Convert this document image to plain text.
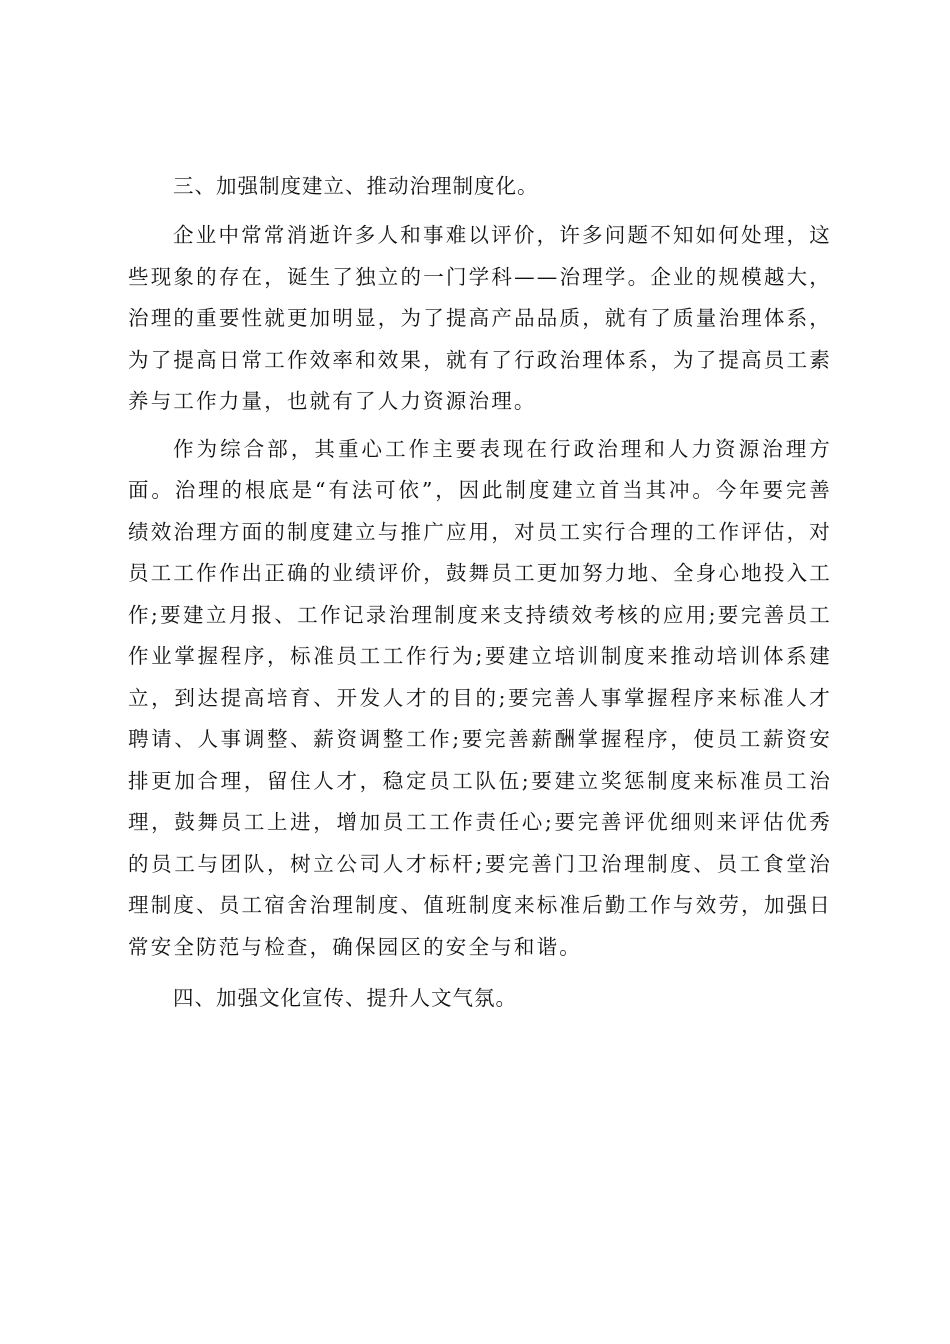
三、加强制度建立、推动治理制度化。

企业中常常消逝许多人和事难以评价，许多问题不知如何处理，这些现象的存在，诞生了独立的一门学科——治理学。企业的规模越大，治理的重要性就更加明显，为了提高产品品质，就有了质量治理体系，为了提高日常工作效率和效果，就有了行政治理体系，为了提高员工素养与工作力量，也就有了人力资源治理。

作为综合部，其重心工作主要表现在行政治理和人力资源治理方面。治理的根底是“有法可依”，因此制度建立首当其冲。今年要完善绩效治理方面的制度建立与推广应用，对员工实行合理的工作评估，对员工工作作出正确的业绩评价，鼓舞员工更加努力地、全身心地投入工作;要建立月报、工作记录治理制度来支持绩效考核的应用;要完善员工作业掌握程序，标准员工工作行为;要建立培训制度来推动培训体系建立，到达提高培育、开发人才的目的;要完善人事掌握程序来标准人才聘请、人事调整、薪资调整工作;要完善薪酬掌握程序，使员工薪资安排更加合理，留住人才，稳定员工队伍;要建立奖惩制度来标准员工治理，鼓舞员工上进，增加员工工作责任心;要完善评优细则来评估优秀的员工与团队，树立公司人才标杆;要完善门卫治理制度、员工食堂治理制度、员工宿舍治理制度、值班制度来标准后勤工作与效劳，加强日常安全防范与检查，确保园区的安全与和谐。

四、加强文化宣传、提升人文气氛。
